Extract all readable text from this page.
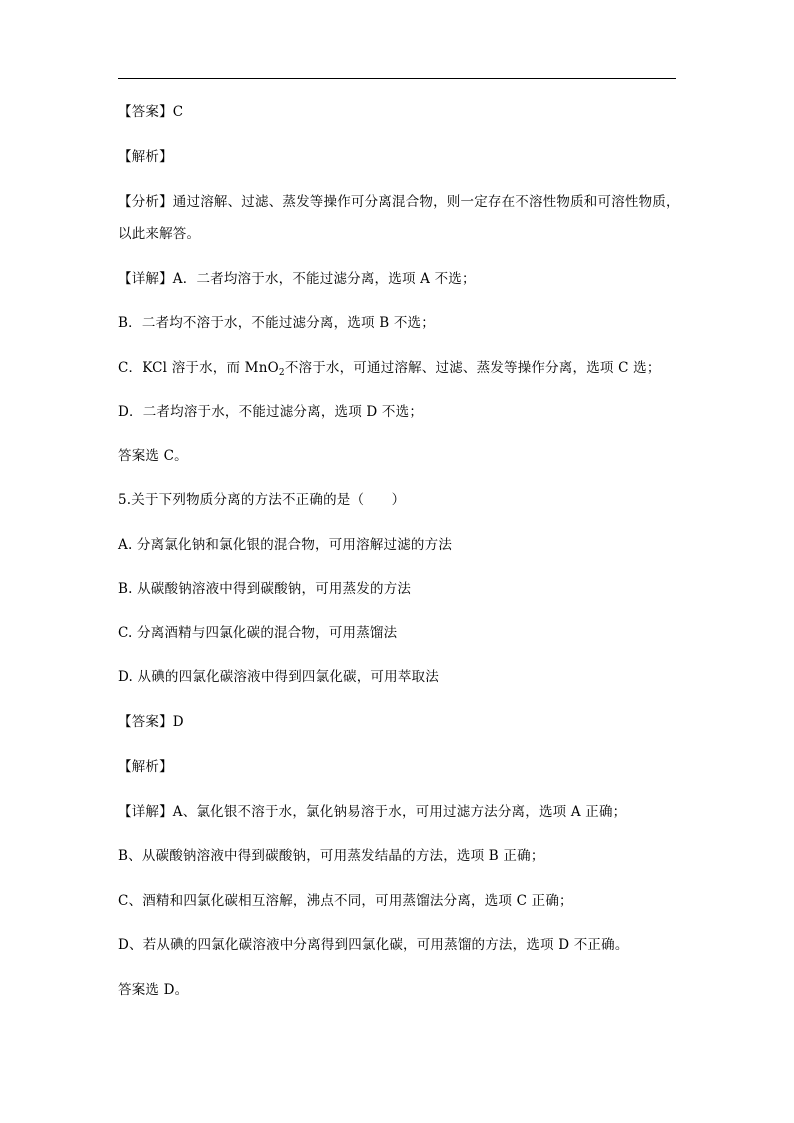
【答案】C
【解析】
【分析】通过溶解、过滤、蒸发等操作可分离混合物，则一定存在不溶性物质和可溶性物质，
以此来解答。
【详解】A．二者均溶于水，不能过滤分离，选项 A 不选；
B．二者均不溶于水，不能过滤分离，选项 B 不选；
C．KCl 溶于水，而 MnO$_2$不溶于水，可通过溶解、过滤、蒸发等操作分离，选项 C 选；
D．二者均溶于水，不能过滤分离，选项 D 不选；
答案选 C。
5.关于下列物质分离的方法不正确的是（　　）
A. 分离氯化钠和氯化银的混合物，可用溶解过滤的方法
B. 从碳酸钠溶液中得到碳酸钠，可用蒸发的方法
C. 分离酒精与四氯化碳的混合物，可用蒸馏法
D. 从碘的四氯化碳溶液中得到四氯化碳，可用萃取法
【答案】D
【解析】
【详解】A、氯化银不溶于水，氯化钠易溶于水，可用过滤方法分离，选项 A 正确；
B、从碳酸钠溶液中得到碳酸钠，可用蒸发结晶的方法，选项 B 正确；
C、酒精和四氯化碳相互溶解，沸点不同，可用蒸馏法分离，选项 C 正确；
D、若从碘的四氯化碳溶液中分离得到四氯化碳，可用蒸馏的方法，选项 D 不正确。
答案选 D。
